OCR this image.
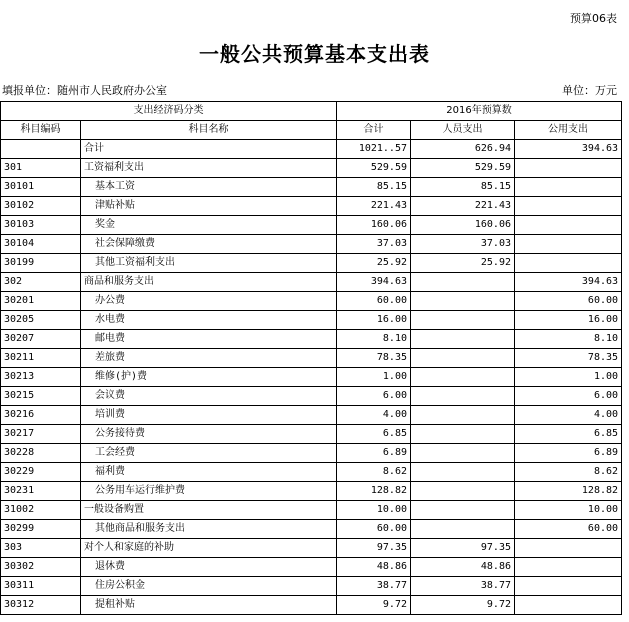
预算06表
一般公共预算基本支出表
填报单位：随州市人民政府办公室	单位：万元
支出经济码分类		2016年预算数		
科目编码	科目名称	合计	人员支出	公用支出
	合计	1021..57	626.94	394.63
301	工资福利支出	529.59	529.59	
30101	基本工资	85.15	85.15	
30102	津贴补贴	221.43	221.43	
30103	奖金	160.06	160.06	
30104	社会保障缴费	37.03	37.03	
30199	其他工资福利支出	25.92	25.92	
302	商品和服务支出	394.63		394.63
30201	办公费	60.00		60.00
30205	水电费	16.00		16.00
30207	邮电费	8.10		8.10
30211	差旅费	78.35		78.35
30213	维修(护)费	1.00		1.00
30215	会议费	6.00		6.00
30216	培训费	4.00		4.00
30217	公务接待费	6.85		6.85
30228	工会经费	6.89		6.89
30229	福利费	8.62		8.62
30231	公务用车运行维护费	128.82		128.82
31002	一般设备购置	10.00		10.00
30299	其他商品和服务支出	60.00		60.00
303	对个人和家庭的补助	97.35	97.35	
30302	退休费	48.86	48.86	
30311	住房公积金	38.77	38.77	
30312	提租补贴	9.72	9.72	
